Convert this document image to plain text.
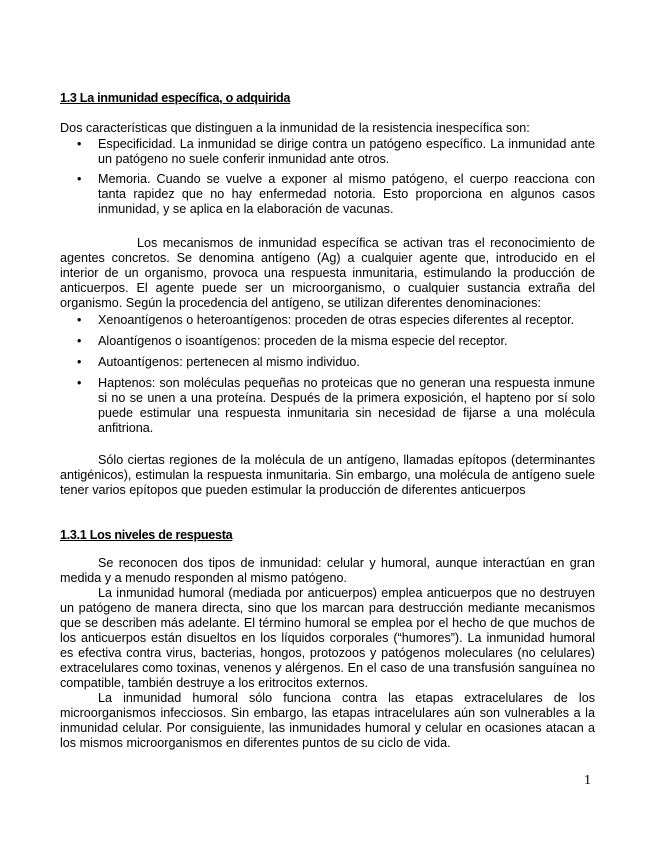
1.3 La inmunidad específica, o adquirida

Dos características que distinguen a la inmunidad de la resistencia inespecífica son:

• Especificidad. La inmunidad se dirige contra un patógeno específico. La inmunidad ante un patógeno no suele conferir inmunidad ante otros.
• Memoria. Cuando se vuelve a exponer al mismo patógeno, el cuerpo reacciona con tanta rapidez que no hay enfermedad notoria. Esto proporciona en algunos casos inmunidad, y se aplica en la elaboración de vacunas.

Los mecanismos de inmunidad específica se activan tras el reconocimiento de agentes concretos. Se denomina antígeno (Ag) a cualquier agente que, introducido en el interior de un organismo, provoca una respuesta inmunitaria, estimulando la producción de anticuerpos. El agente puede ser un microorganismo, o cualquier sustancia extraña del organismo. Según la procedencia del antígeno, se utilizan diferentes denominaciones:

• Xenoantígenos o heteroantígenos: proceden de otras especies diferentes al receptor.
• Aloantígenos o isoantígenos: proceden de la misma especie del receptor.
• Autoantígenos: pertenecen al mismo individuo.
• Haptenos: son moléculas pequeñas no proteicas que no generan una respuesta inmune si no se unen a una proteína. Después de la primera exposición, el hapteno por sí solo puede estimular una respuesta inmunitaria sin necesidad de fijarse a una molécula anfitriona.

Sólo ciertas regiones de la molécula de un antígeno, llamadas epítopos (determinantes antigénicos), estimulan la respuesta inmunitaria. Sin embargo, una molécula de antígeno suele tener varios epítopos que pueden estimular la producción de diferentes anticuerpos

1.3.1 Los niveles de respuesta

Se reconocen dos tipos de inmunidad: celular y humoral, aunque interactúan en gran medida y a menudo responden al mismo patógeno.

La inmunidad humoral (mediada por anticuerpos) emplea anticuerpos que no destruyen un patógeno de manera directa, sino que los marcan para destrucción mediante mecanismos que se describen más adelante. El término humoral se emplea por el hecho de que muchos de los anticuerpos están disueltos en los líquidos corporales (“humores”). La inmunidad humoral es efectiva contra virus, bacterias, hongos, protozoos y patógenos moleculares (no celulares) extracelulares como toxinas, venenos y alérgenos. En el caso de una transfusión sanguínea no compatible, también destruye a los eritrocitos externos.

La inmunidad humoral sólo funciona contra las etapas extracelulares de los microorganismos infecciosos. Sin embargo, las etapas intracelulares aún son vulnerables a la inmunidad celular. Por consiguiente, las inmunidades humoral y celular en ocasiones atacan a los mismos microorganismos en diferentes puntos de su ciclo de vida.

1
